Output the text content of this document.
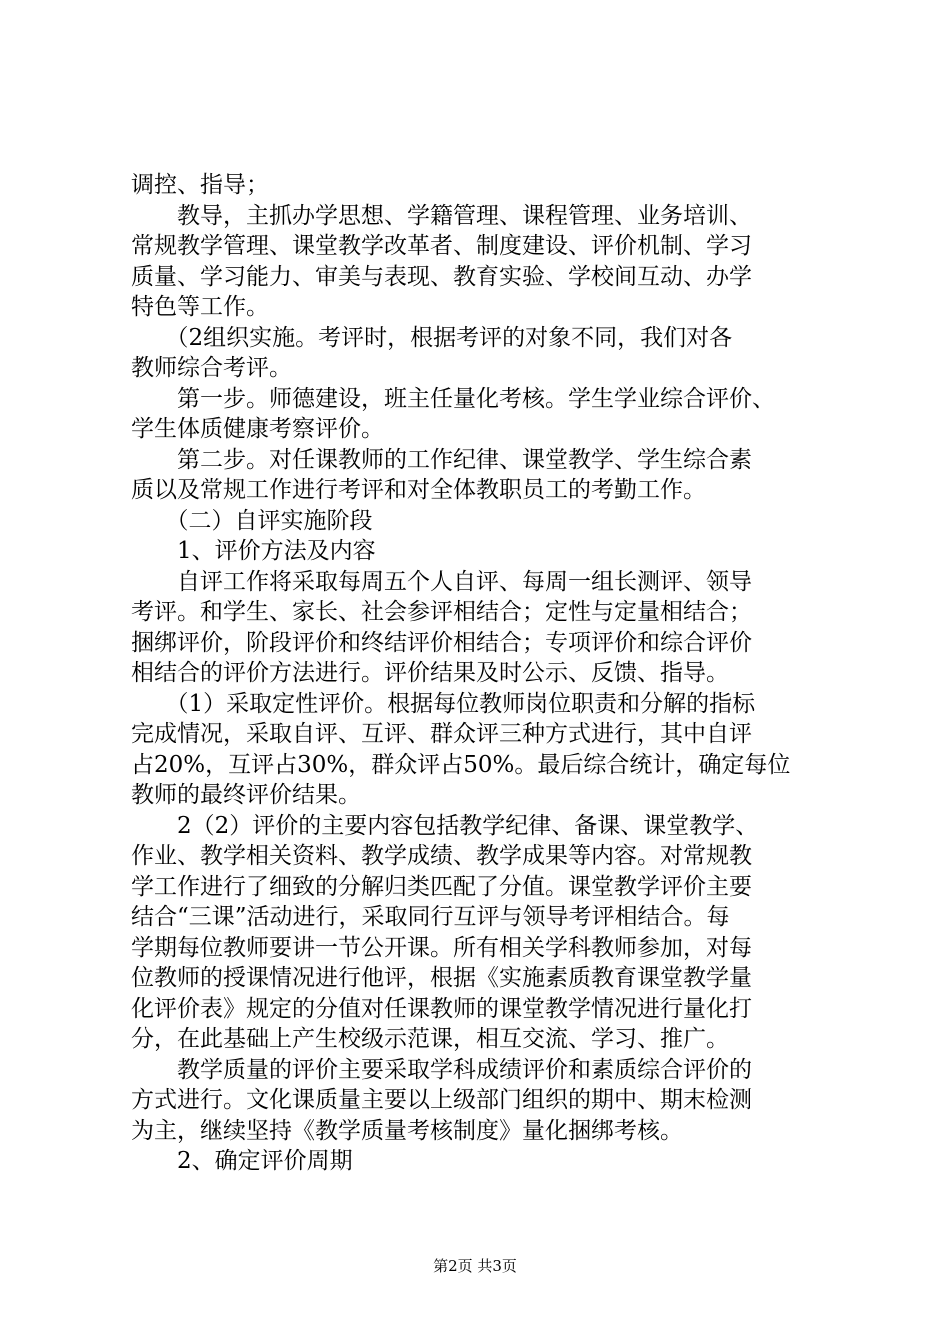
调控、指导；
　　教导，主抓办学思想、学籍管理、课程管理、业务培训、
常规教学管理、课堂教学改革者、制度建设、评价机制、学习
质量、学习能力、审美与表现、教育实验、学校间互动、办学
特色等工作。
　　（2组织实施。考评时，根据考评的对象不同，我们对各
教师综合考评。
　　第一步。师德建设，班主任量化考核。学生学业综合评价、
学生体质健康考察评价。
　　第二步。对任课教师的工作纪律、课堂教学、学生综合素
质以及常规工作进行考评和对全体教职员工的考勤工作。
　　（二）自评实施阶段
　　1、评价方法及内容
　　自评工作将采取每周五个人自评、每周一组长测评、领导
考评。和学生、家长、社会参评相结合；定性与定量相结合；
捆绑评价，阶段评价和终结评价相结合；专项评价和综合评价
相结合的评价方法进行。评价结果及时公示、反馈、指导。
　　（1）采取定性评价。根据每位教师岗位职责和分解的指标
完成情况，采取自评、互评、群众评三种方式进行，其中自评
占20%，互评占30%，群众评占50%。最后综合统计，确定每位
教师的最终评价结果。
　　2（2）评价的主要内容包括教学纪律、备课、课堂教学、
作业、教学相关资料、教学成绩、教学成果等内容。对常规教
学工作进行了细致的分解归类匹配了分值。课堂教学评价主要
结合“三课”活动进行，采取同行互评与领导考评相结合。每
学期每位教师要讲一节公开课。所有相关学科教师参加，对每
位教师的授课情况进行他评，根据《实施素质教育课堂教学量
化评价表》规定的分值对任课教师的课堂教学情况进行量化打
分，在此基础上产生校级示范课，相互交流、学习、推广。
　　教学质量的评价主要采取学科成绩评价和素质综合评价的
方式进行。文化课质量主要以上级部门组织的期中、期末检测
为主，继续坚持《教学质量考核制度》量化捆绑考核。
　　2、确定评价周期
第2页 共3页
